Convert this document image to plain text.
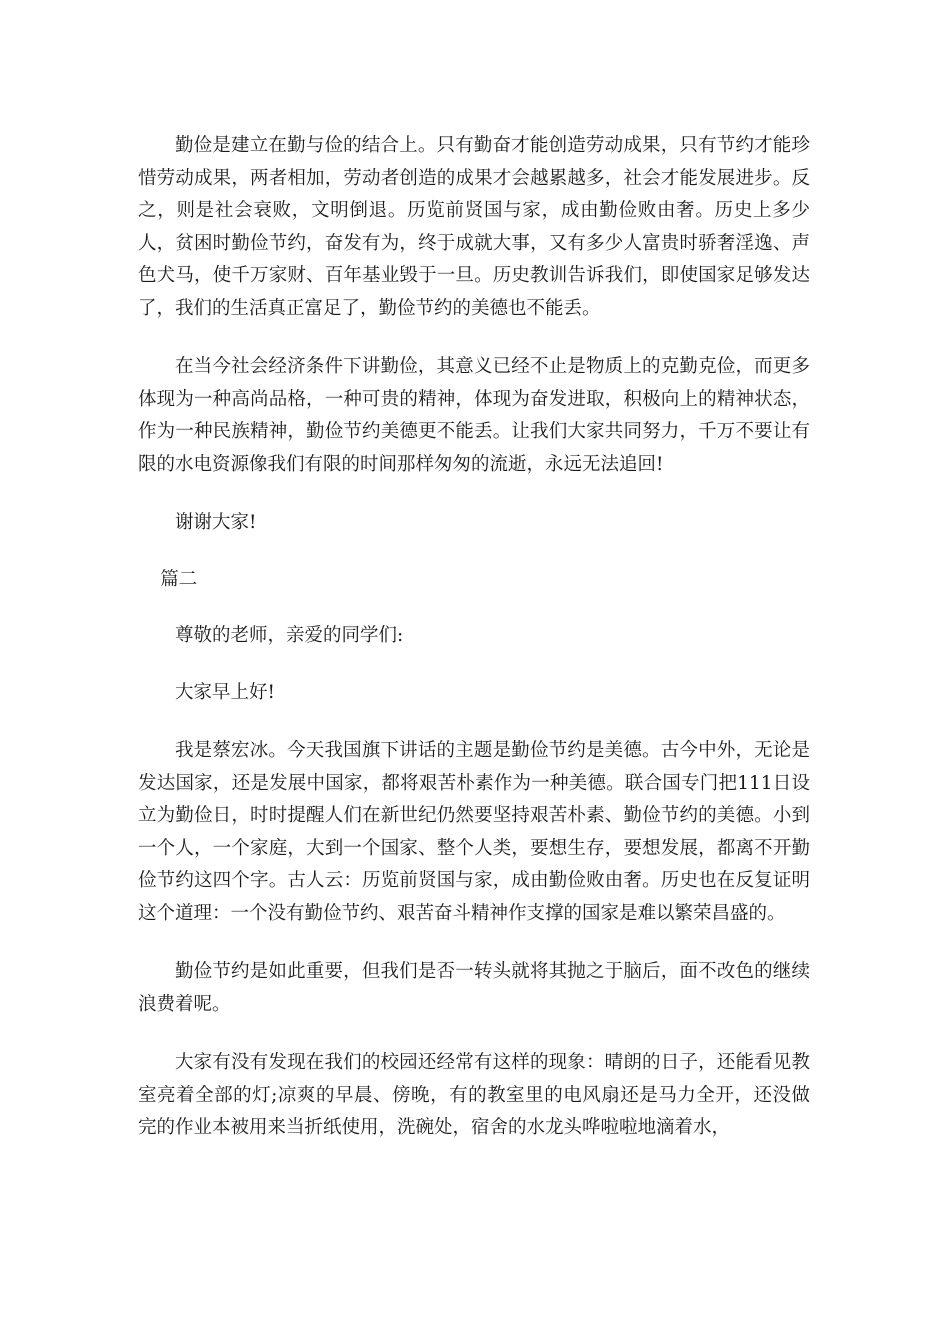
勤俭是建立在勤与俭的结合上。只有勤奋才能创造劳动成果，只有节约才能珍惜劳动成果，两者相加，劳动者创造的成果才会越累越多，社会才能发展进步。反之，则是社会衰败，文明倒退。历览前贤国与家，成由勤俭败由奢。历史上多少人，贫困时勤俭节约，奋发有为，终于成就大事，又有多少人富贵时骄奢淫逸、声色犬马，使千万家财、百年基业毁于一旦。历史教训告诉我们，即使国家足够发达了，我们的生活真正富足了，勤俭节约的美德也不能丢。

在当今社会经济条件下讲勤俭，其意义已经不止是物质上的克勤克俭，而更多体现为一种高尚品格，一种可贵的精神，体现为奋发进取，积极向上的精神状态，作为一种民族精神，勤俭节约美德更不能丢。让我们大家共同努力，千万不要让有限的水电资源像我们有限的时间那样匆匆的流逝，永远无法追回!

谢谢大家!

篇二

尊敬的老师，亲爱的同学们:

大家早上好!

我是蔡宏冰。今天我国旗下讲话的主题是勤俭节约是美德。古今中外，无论是发达国家，还是发展中国家，都将艰苦朴素作为一种美德。联合国专门把111日设立为勤俭日，时时提醒人们在新世纪仍然要坚持艰苦朴素、勤俭节约的美德。小到一个人，一个家庭，大到一个国家、整个人类，要想生存，要想发展，都离不开勤俭节约这四个字。古人云：历览前贤国与家，成由勤俭败由奢。历史也在反复证明这个道理：一个没有勤俭节约、艰苦奋斗精神作支撑的国家是难以繁荣昌盛的。

勤俭节约是如此重要，但我们是否一转头就将其抛之于脑后，面不改色的继续浪费着呢。

大家有没有发现在我们的校园还经常有这样的现象：晴朗的日子，还能看见教室亮着全部的灯;凉爽的早晨、傍晚，有的教室里的电风扇还是马力全开，还没做完的作业本被用来当折纸使用，洗碗处，宿舍的水龙头哗啦啦地滴着水，
